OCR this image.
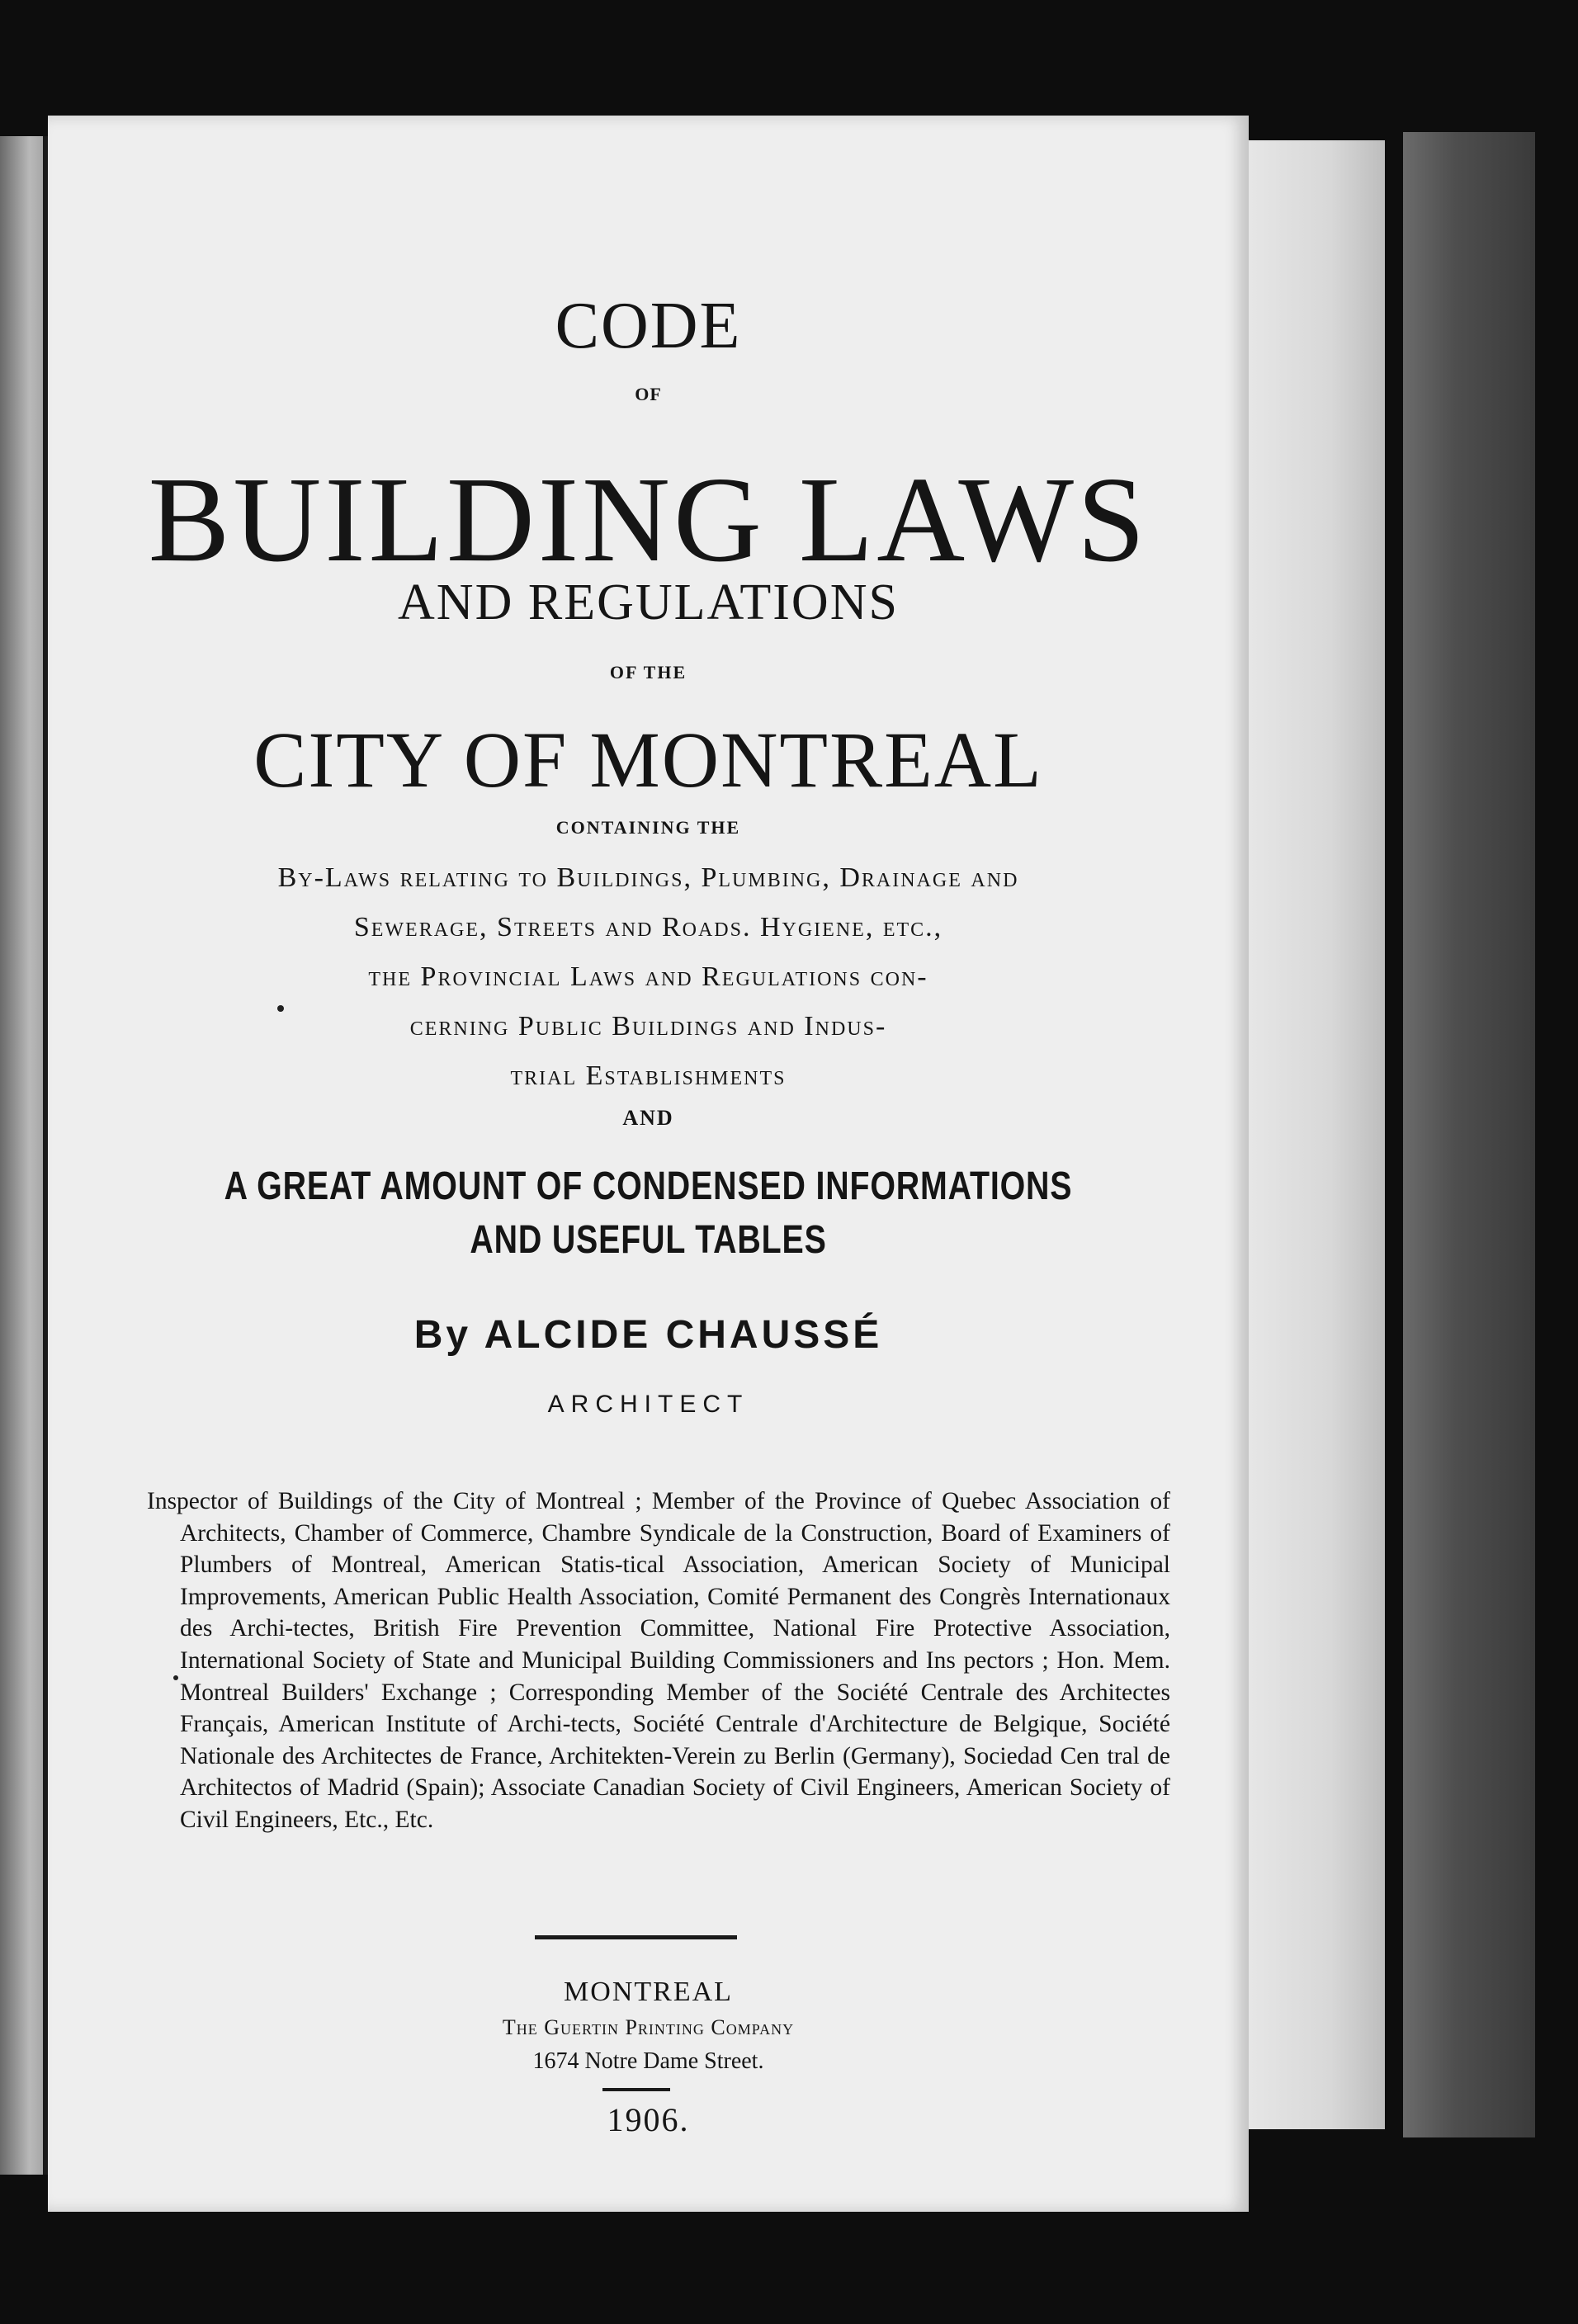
CODE
OF
BUILDING LAWS
AND REGULATIONS
OF THE
CITY OF MONTREAL
CONTAINING THE
By-Laws relating to Buildings, Plumbing, Drainage and
Sewerage, Streets and Roads. Hygiene, etc.,
the Provincial Laws and Regulations con-
cerning Public Buildings and Indus-
trial Establishments
AND
A GREAT AMOUNT OF CONDENSED INFORMATIONS
AND USEFUL TABLES
By ALCIDE CHAUSSÉ
ARCHITECT
Inspector of Buildings of the City of Montreal ; Member of the Province of Quebec Association of Architects, Chamber of Commerce, Chambre Syndicale de la Construction, Board of Examiners of Plumbers of Montreal, American Statis-tical Association, American Society of Municipal Improvements, American Public Health Association, Comité Permanent des Congrès Internationaux des Archi-tectes, British Fire Prevention Committee, National Fire Protective Association, International Society of State and Municipal Building Commissioners and Ins pectors ; Hon. Mem. Montreal Builders' Exchange ; Corresponding Member of the Société Centrale des Architectes Français, American Institute of Archi-tects, Société Centrale d'Architecture de Belgique, Société Nationale des Architectes de France, Architekten-Verein zu Berlin (Germany), Sociedad Cen tral de Architectos of Madrid (Spain); Associate Canadian Society of Civil Engineers, American Society of Civil Engineers, Etc., Etc.
MONTREAL
The Guertin Printing Company
1674 Notre Dame Street.
1906.
